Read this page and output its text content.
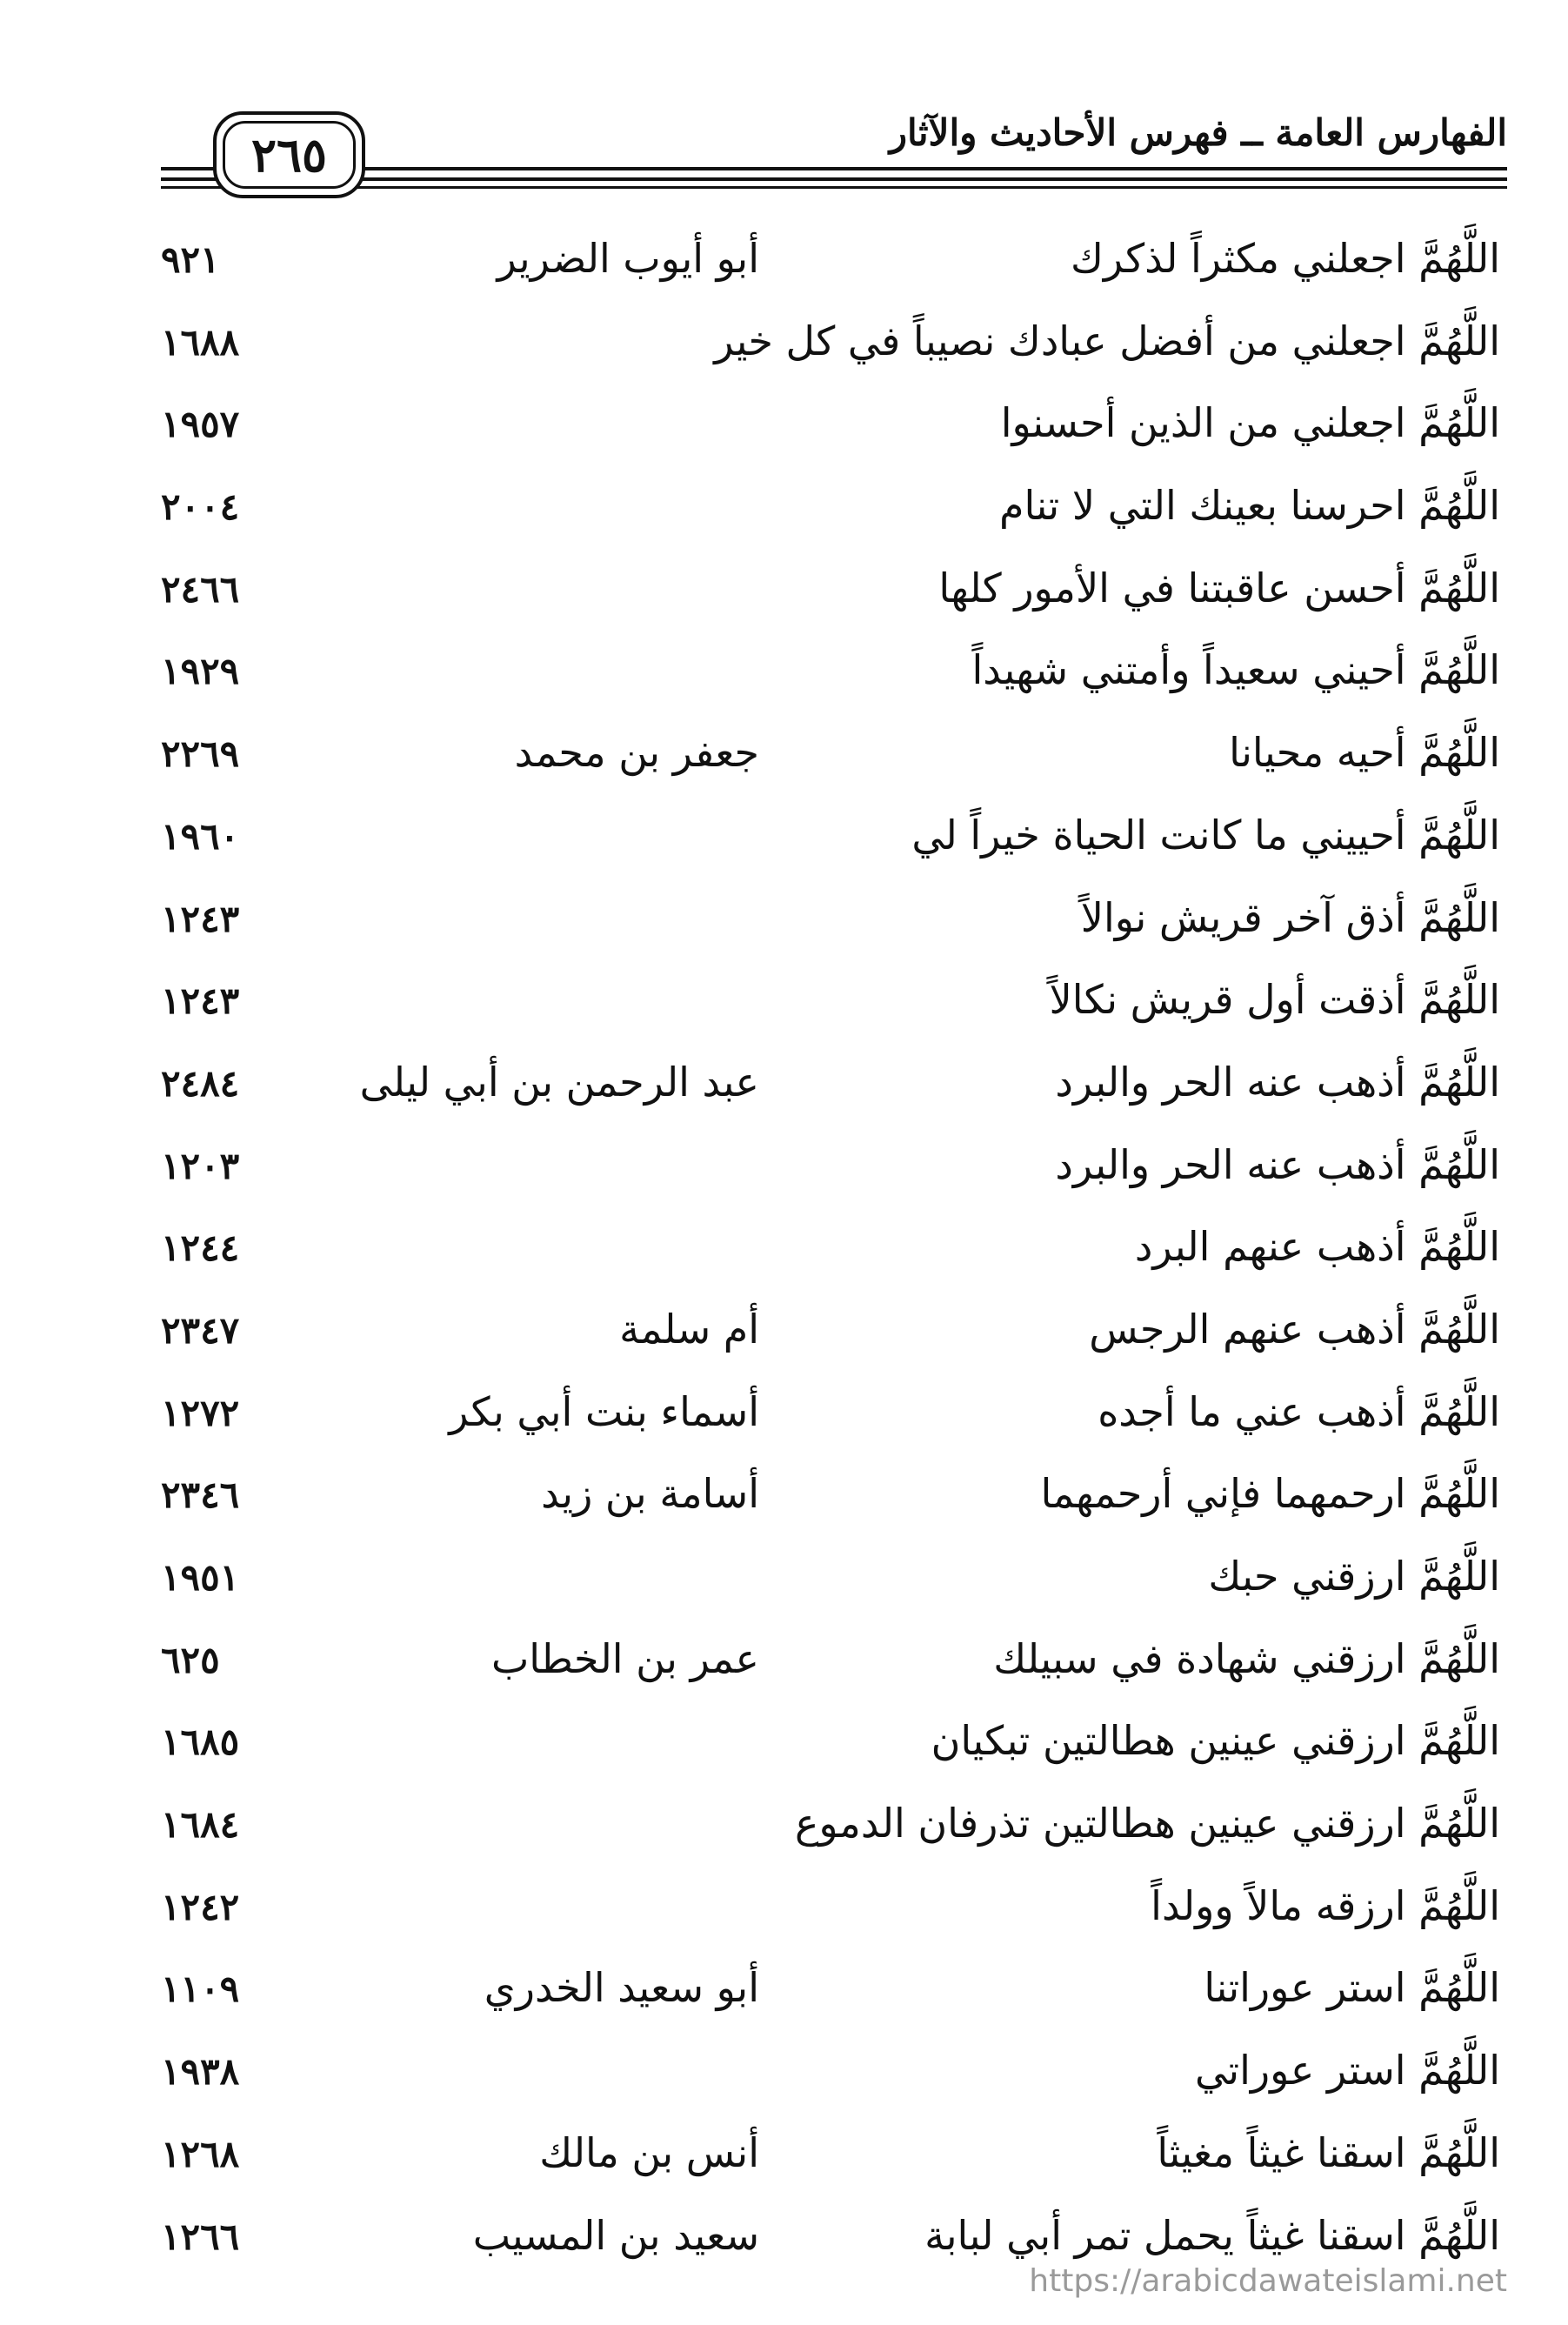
الفهارس العامة ــ فهرس الأحاديث والآثار
٢٦٥
اللَّهُمَّ اجعلني مكثراً لذكرك
أبو أيوب الضرير
٩٢١
اللَّهُمَّ اجعلني من أفضل عبادك نصيباً في كل خير
١٦٨٨
اللَّهُمَّ اجعلني من الذين أحسنوا
١٩٥٧
اللَّهُمَّ احرسنا بعينك التي لا تنام
٢٠٠٤
اللَّهُمَّ أحسن عاقبتنا في الأمور كلها
٢٤٦٦
اللَّهُمَّ أحيني سعيداً وأمتني شهيداً
١٩٢٩
اللَّهُمَّ أحيه محيانا
جعفر بن محمد
٢٢٦٩
اللَّهُمَّ أحييني ما كانت الحياة خيراً لي
١٩٦٠
اللَّهُمَّ أذق آخر قريش نوالاً
١٢٤٣
اللَّهُمَّ أذقت أول قريش نكالاً
١٢٤٣
اللَّهُمَّ أذهب عنه الحر والبرد
عبد الرحمن بن أبي ليلى
٢٤٨٤
اللَّهُمَّ أذهب عنه الحر والبرد
١٢٠٣
اللَّهُمَّ أذهب عنهم البرد
١٢٤٤
اللَّهُمَّ أذهب عنهم الرجس
أم سلمة
٢٣٤٧
اللَّهُمَّ أذهب عني ما أجده
أسماء بنت أبي بكر
١٢٧٢
اللَّهُمَّ ارحمهما فإني أرحمهما
أسامة بن زيد
٢٣٤٦
اللَّهُمَّ ارزقني حبك
١٩٥١
اللَّهُمَّ ارزقني شهادة في سبيلك
عمر بن الخطاب
٦٢٥
اللَّهُمَّ ارزقني عينين هطالتين تبكيان
١٦٨٥
اللَّهُمَّ ارزقني عينين هطالتين تذرفان الدموع
١٦٨٤
اللَّهُمَّ ارزقه مالاً وولداً
١٢٤٢
اللَّهُمَّ استر عوراتنا
أبو سعيد الخدري
١١٠٩
اللَّهُمَّ استر عوراتي
١٩٣٨
اللَّهُمَّ اسقنا غيثاً مغيثاً
أنس بن مالك
١٢٦٨
اللَّهُمَّ اسقنا غيثاً يحمل تمر أبي لبابة
سعيد بن المسيب
١٢٦٦
https://arabicdawateislami.net
